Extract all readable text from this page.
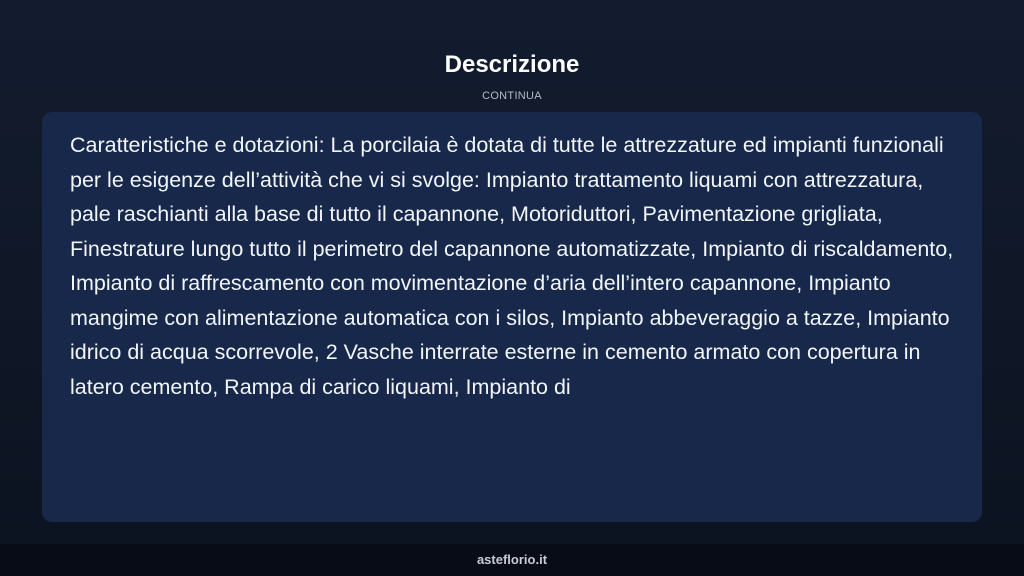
Descrizione
CONTINUA

Caratteristiche e dotazioni: La porcilaia è dotata di tutte le attrezzature ed impianti funzionali per le esigenze dell’attività che vi si svolge: Impianto trattamento liquami con attrezzatura, pale raschianti alla base di tutto il capannone, Motoriduttori, Pavimentazione grigliata, Finestrature lungo tutto il perimetro del capannone automatizzate, Impianto di riscaldamento, Impianto di raffrescamento con movimentazione d’aria dell’intero capannone, Impianto mangime con alimentazione automatica con i silos, Impianto abbeveraggio a tazze, Impianto idrico di acqua scorrevole, 2 Vasche interrate esterne in cemento armato con copertura in latero cemento, Rampa di carico liquami, Impianto di

asteflorio.it
